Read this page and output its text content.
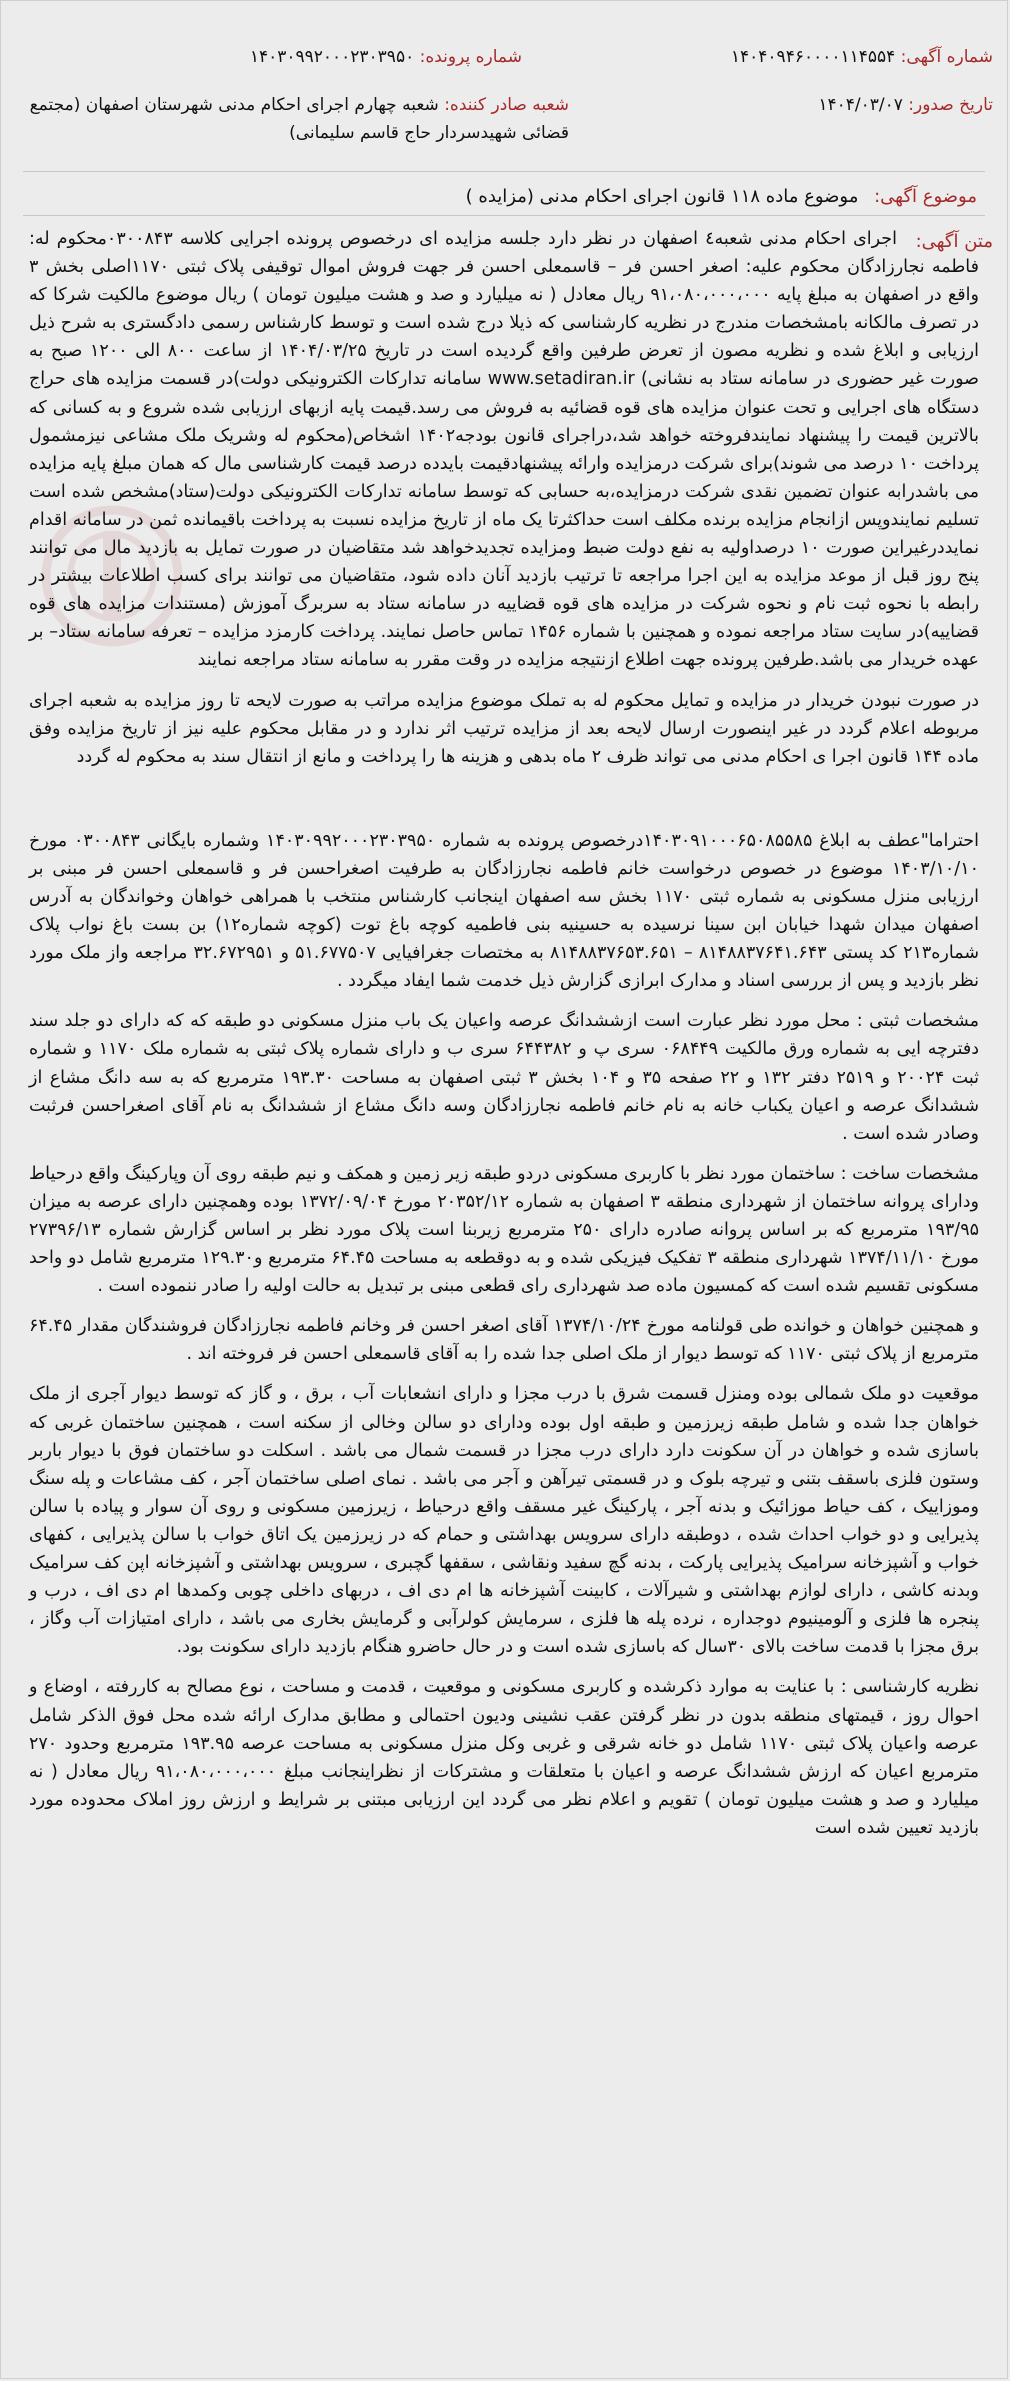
شماره آگهی: ۱۴۰۴۰۹۴۶۰۰۰۰۱۱۴۵۵۴
شماره پرونده: ۱۴۰۳۰۹۹۲۰۰۰۲۳۰۳۹۵۰
تاریخ صدور: ۱۴۰۴/۰۳/۰۷
شعبه صادر کننده: شعبه چهارم اجرای احکام مدنی شهرستان اصفهان (مجتمع
قضائی شهیدسردار حاج قاسم سلیمانی)
موضوع آگهی: موضوع ماده ۱۱۸ قانون اجرای احکام مدنی (مزایده )
متن آگهی:

اجرای احکام مدنی شعبه٤ اصفهان در نظر دارد جلسه مزایده ای درخصوص پرونده اجرایی کلاسه ۰۳۰۰۸۴۳محکوم له: فاطمه نجارزادگان محکوم علیه: اصغر احسن فر – قاسمعلی احسن فر جهت فروش اموال توقیفی پلاک ثبتی ۱۱۷۰اصلی بخش ۳ واقع در اصفهان به مبلغ پایه ۹۱،۰۸۰،۰۰۰،۰۰۰ ریال معادل ( نه میلیارد و صد و هشت میلیون تومان ) ریال موضوع مالکیت شرکا که در تصرف مالکانه بامشخصات مندرج در نظریه کارشناسی که ذیلا درج شده است و توسط کارشناس رسمی دادگستری به شرح ذیل ارزیابی و ابلاغ شده و نظریه مصون از تعرض طرفین واقع گردیده است در تاریخ ۱۴۰۴/۰۳/۲۵ از ساعت ۸۰۰ الی ۱۲۰۰ صبح به صورت غیر حضوری در سامانه ستاد به نشانی) www.setadiran.ir سامانه تدارکات الکترونیکی دولت)در قسمت مزایده های حراج دستگاه های اجرایی و تحت عنوان مزایده های قوه قضائیه به فروش می رسد.قیمت پایه ازبهای ارزیابی شده شروع و به کسانی که بالاترین قیمت را پیشنهاد نمایندفروخته خواهد شد،دراجرای قانون بودجه۱۴۰۲ اشخاص(محکوم له وشریک ملک مشاعی نیزمشمول پرداخت ۱۰ درصد می شوند)برای شرکت درمزایده وارائه پیشنهادقیمت بایدده درصد قیمت کارشناسی مال که همان مبلغ پایه مزایده می باشدرابه عنوان تضمین نقدی شرکت درمزایده،به حسابی که توسط سامانه تدارکات الکترونیکی دولت(ستاد)مشخص شده است تسلیم نمایندوپس ازانجام مزایده برنده مکلف است حداکثرتا یک ماه از تاریخ مزایده نسبت به پرداخت باقیمانده ثمن در سامانه اقدام نمایددرغیراین صورت ۱۰ درصداولیه به نفع دولت ضبط ومزایده تجدیدخواهد شد متقاضیان در صورت تمایل به بازدید مال می توانند پنج روز قبل از موعد مزایده به این اجرا مراجعه تا ترتیب بازدید آنان داده شود، متقاضیان می توانند برای کسب اطلاعات بیشتر در رابطه با نحوه ثبت نام و نحوه شرکت در مزایده های قوه قضاییه در سامانه ستاد به سربرگ آموزش (مستندات مزایده های قوه قضاییه)در سایت ستاد مراجعه نموده و همچنین با شماره ۱۴۵۶ تماس حاصل نمایند. پرداخت کارمزد مزایده – تعرفه سامانه ستاد– بر عهده خریدار می باشد.طرفین پرونده جهت اطلاع ازنتیجه مزایده در وقت مقرر به سامانه ستاد مراجعه نمایند

در صورت نبودن خریدار در مزایده و تمایل محکوم له به تملک موضوع مزایده مراتب به صورت لایحه تا روز مزایده به شعبه اجرای مربوطه اعلام گردد در غیر اینصورت ارسال لایحه بعد از مزایده ترتیب اثر ندارد و در مقابل محکوم علیه نیز از تاریخ مزایده وفق ماده ۱۴۴ قانون اجرا ی احکام مدنی می تواند ظرف ۲ ماه بدهی و هزینه ها را پرداخت و مانع از انتقال سند به محکوم له گردد

احتراما"عطف به ابلاغ ۱۴۰۳۰۹۱۰۰۰۶۵۰۸۵۵۸۵درخصوص پرونده به شماره ۱۴۰۳۰۹۹۲۰۰۰۲۳۰۳۹۵۰ وشماره بایگانی ۰۳۰۰۸۴۳ مورخ ۱۴۰۳/۱۰/۱۰ موضوع در خصوص درخواست خانم فاطمه نجارزادگان به طرفیت اصغراحسن فر و قاسمعلی احسن فر مبنی بر ارزیابی منزل مسکونی به شماره ثبتی ۱۱۷۰ بخش سه اصفهان اینجانب کارشناس منتخب با همراهی خواهان وخواندگان به آدرس اصفهان میدان شهدا خیابان ابن سینا نرسیده به حسینیه بنی فاطمیه کوچه باغ توت (کوچه شماره۱۲) بن بست باغ نواب پلاک شماره۲۱۳ کد پستی ۸۱۴۸۸۳۷۶۴۱.۶۴۳ – ۸۱۴۸۸۳۷۶۵۳.۶۵۱ به مختصات جغرافیایی ۵۱.۶۷۷۵۰۷ و ۳۲.۶۷۲۹۵۱ مراجعه واز ملک مورد نظر بازدید و پس از بررسی اسناد و مدارک ابرازی گزارش ذیل خدمت شما ایفاد میگردد .

مشخصات ثبتی : محل مورد نظر عبارت است ازششدانگ عرصه واعیان یک باب منزل مسکونی دو طبقه که که دارای دو جلد سند دفترچه ایی به شماره ورق مالکیت ۰۶۸۴۴۹ سری پ و ۶۴۴۳۸۲ سری ب و دارای شماره پلاک ثبتی به شماره ملک ۱۱۷۰ و شماره ثبت ۲۰۰۲۴ و ۲۵۱۹ دفتر ۱۳۲ و ۲۲ صفحه ۳۵ و ۱۰۴ بخش ۳ ثبتی اصفهان به مساحت ۱۹۳.۳۰ مترمربع که به سه دانگ مشاع از ششدانگ عرصه و اعیان یکباب خانه به نام خانم فاطمه نجارزادگان وسه دانگ مشاع از ششدانگ به نام آقای اصغراحسن فرثبت وصادر شده است .

مشخصات ساخت : ساختمان مورد نظر با کاربری مسکونی دردو طبقه زیر زمین و همکف و نیم طبقه روی آن وپارکینگ واقع درحیاط ودارای پروانه ساختمان از شهرداری منطقه ۳ اصفهان به شماره ۲۰۳۵۲/۱۲ مورخ ۱۳۷۲/۰۹/۰۴ بوده وهمچنین دارای عرصه به میزان ۱۹۳/۹۵ مترمربع که بر اساس پروانه صادره دارای ۲۵۰ مترمربع زیربنا است پلاک مورد نظر بر اساس گزارش شماره ۲۷۳۹۶/۱۳ مورخ ۱۳۷۴/۱۱/۱۰ شهرداری منطقه ۳ تفکیک فیزیکی شده و به دوقطعه به مساحت ۶۴.۴۵ مترمربع و۱۲۹.۳۰ مترمربع شامل دو واحد مسکونی تقسیم شده است که کمسیون ماده صد شهرداری رای قطعی مبنی بر تبدیل به حالت اولیه را صادر ننموده است .

و همچنین خواهان و خوانده طی قولنامه مورخ ۱۳۷۴/۱۰/۲۴ آقای اصغر احسن فر وخانم فاطمه نجارزادگان فروشندگان مقدار ۶۴.۴۵ مترمربع از پلاک ثبتی ۱۱۷۰ که توسط دیوار از ملک اصلی جدا شده را به آقای قاسمعلی احسن فر فروخته اند .

موقعیت دو ملک شمالی بوده ومنزل قسمت شرق با درب مجزا و دارای انشعابات آب ، برق ، و گاز که توسط دیوار آجری از ملک خواهان جدا شده و شامل طبقه زیرزمین و طبقه اول بوده ودارای دو سالن وخالی از سکنه است ، همچنین ساختمان غربی که باسازی شده و خواهان در آن سکونت دارد دارای درب مجزا در قسمت شمال می باشد . اسکلت دو ساختمان فوق با دیوار باربر وستون فلزی باسقف بتنی و تیرچه بلوک و در قسمتی تیرآهن و آجر می باشد . نمای اصلی ساختمان آجر ، کف مشاعات و پله سنگ وموزاییک ، کف حیاط موزائیک و بدنه آجر ، پارکینگ غیر مسقف واقع درحیاط ، زیرزمین مسکونی و روی آن سوار و پیاده با سالن پذیرایی و دو خواب احداث شده ، دوطبقه دارای سرویس بهداشتی و حمام که در زیرزمین یک اتاق خواب با سالن پذیرایی ، کفهای خواب و آشپزخانه سرامیک پذیرایی پارکت ، بدنه گچ سفید ونقاشی ، سقفها گچبری ، سرویس بهداشتی و آشپزخانه اپن کف سرامیک وبدنه کاشی ، دارای لوازم بهداشتی و شیرآلات ، کابینت آشپزخانه ها ام دی اف ، دربهای داخلی چوبی وکمدها ام دی اف ، درب و پنجره ها فلزی و آلومینیوم دوجداره ، نرده پله ها فلزی ، سرمایش کولرآبی و گرمایش بخاری می باشد ، دارای امتیازات آب وگاز ، برق مجزا با قدمت ساخت بالای ۳۰سال که باسازی شده است و در حال حاضرو هنگام بازدید دارای سکونت بود.

نظریه کارشناسی : با عنایت به موارد ذکرشده و کاربری مسکونی و موقعیت ، قدمت و مساحت ، نوع مصالح به کاررفته ، اوضاع و احوال روز ، قیمتهای منطقه بدون در نظر گرفتن عقب نشینی ودیون احتمالی و مطابق مدارک ارائه شده محل فوق الذکر شامل عرصه واعیان پلاک ثبتی ۱۱۷۰ شامل دو خانه شرقی و غربی وکل منزل مسکونی به مساحت عرصه ۱۹۳.۹۵ مترمربع وحدود ۲۷۰ مترمربع اعیان که ارزش ششدانگ عرصه و اعیان با متعلقات و مشترکات از نظراینجانب مبلغ ۹۱،۰۸۰،۰۰۰،۰۰۰ ریال معادل ( نه میلیارد و صد و هشت میلیون تومان ) تقویم و اعلام نظر می گردد این ارزیابی مبتنی بر شرایط و ارزش روز املاک محدوده مورد بازدید تعیین شده است
